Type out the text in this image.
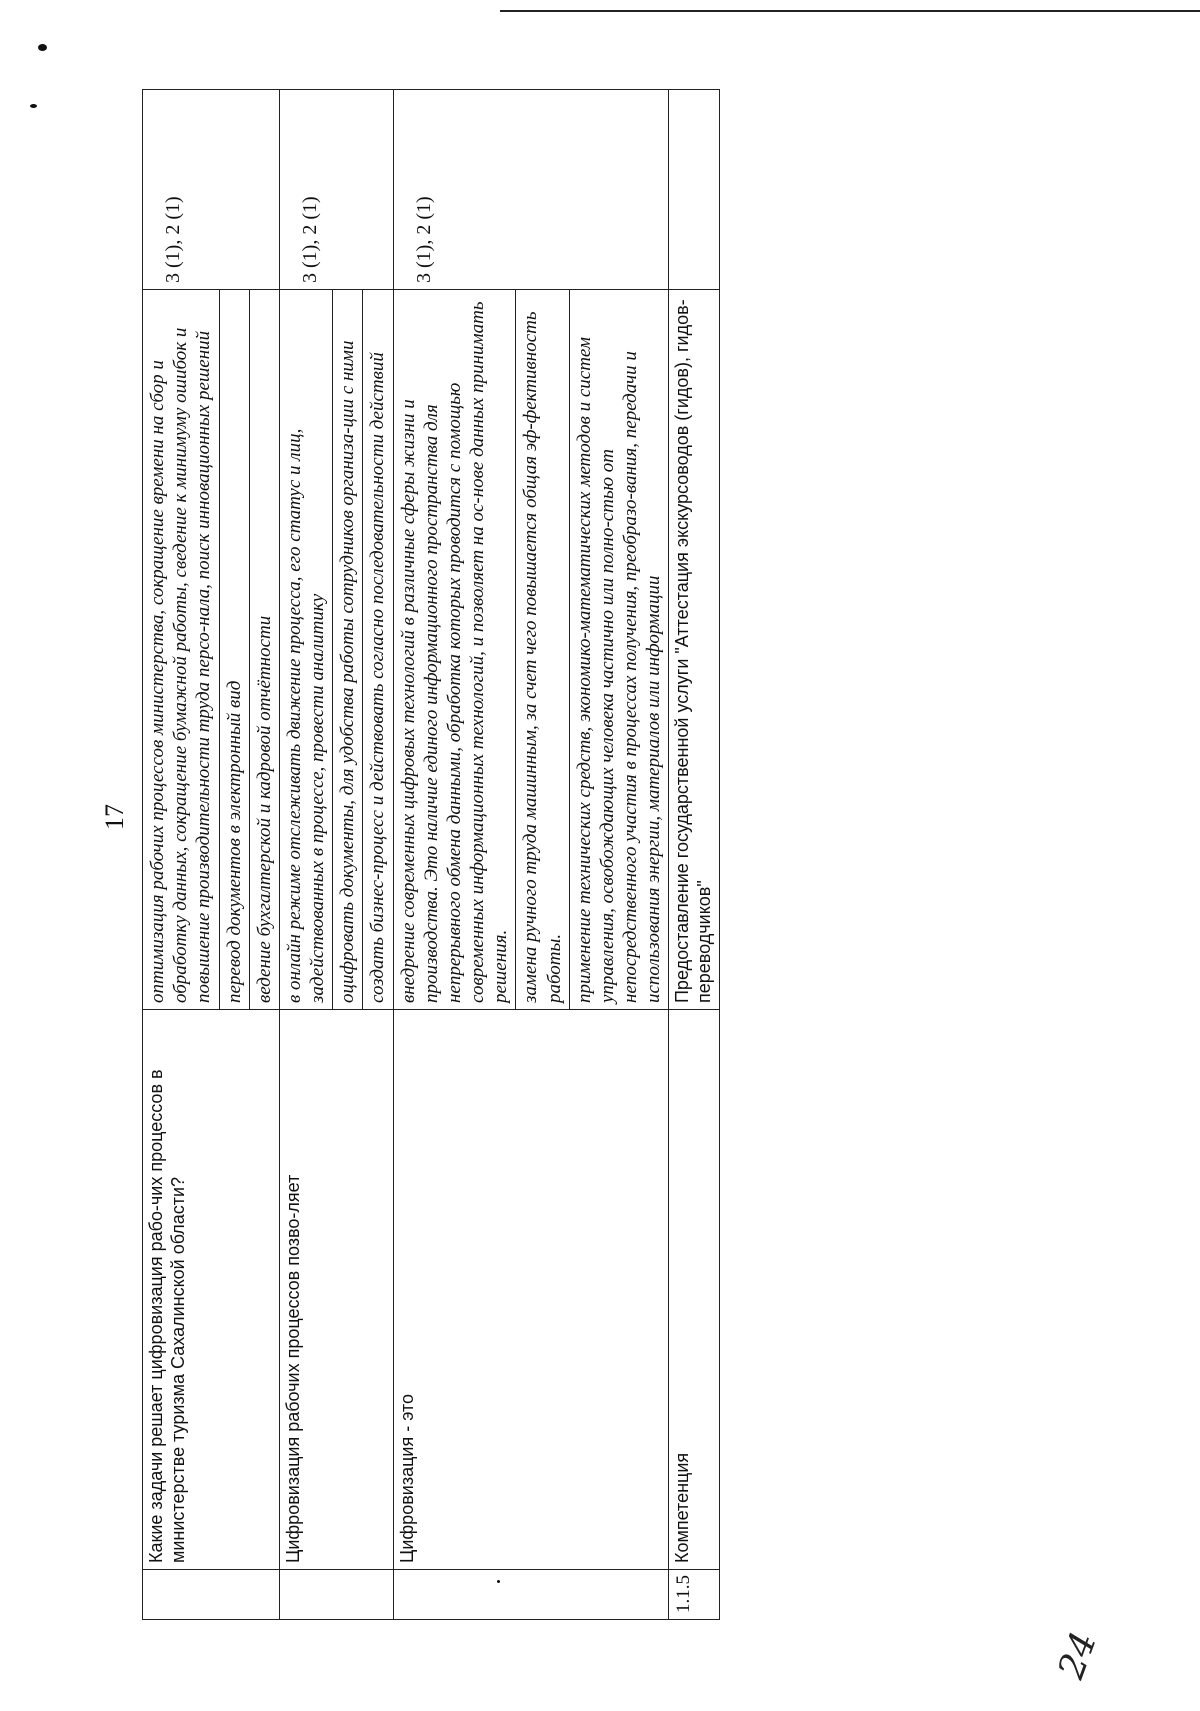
17
	Какие задачи решает цифровизация рабо-чих процессов в министерстве туризма Сахалинской области?	оптимизация рабочих процессов министерства, сокращение времени на сбор и обработку данных, сокращение бумажной работы, сведение к минимуму ошибок и повышение производительности труда персо-нала, поиск инновационных решений	3 (1), 2 (1)
		перевод документов в электронный вид	
		ведение бухгалтерской и кадровой отчётности	
	Цифровизация рабочих процессов позво-ляет	в онлайн режиме отслеживать движение процесса, его статус и лиц, задействованных в процессе, провести аналитику	3 (1), 2 (1)
		оцифровать документы, для удобства работы сотрудников организа-ции с ними	
		создать бизнес-процесс и действовать согласно последовательности действий	
	Цифровизация - это	внедрение современных цифровых технологий в различные сферы жизни и производства. Это наличие единого информационного пространства для непрерывного обмена данными, обработка которых проводится с помощью современных информационных технологий, и позволяет на ос-нове данных принимать решения.	3 (1), 2 (1)
		замена ручного труда машинным, за счет чего повышается общая эф-фективность работы.	
		применение технических средств, экономико-математических методов и систем управления, освобождающих человека частично или полно-стью от непосредственного участия в процессах получения, преобразо-вания, передачи и использования энергии, материалов или информации	
1.1.5	Компетенция	Предоставление государственной услуги "Аттестация экскурсоводов (гидов), гидов-переводчиков"	
24
